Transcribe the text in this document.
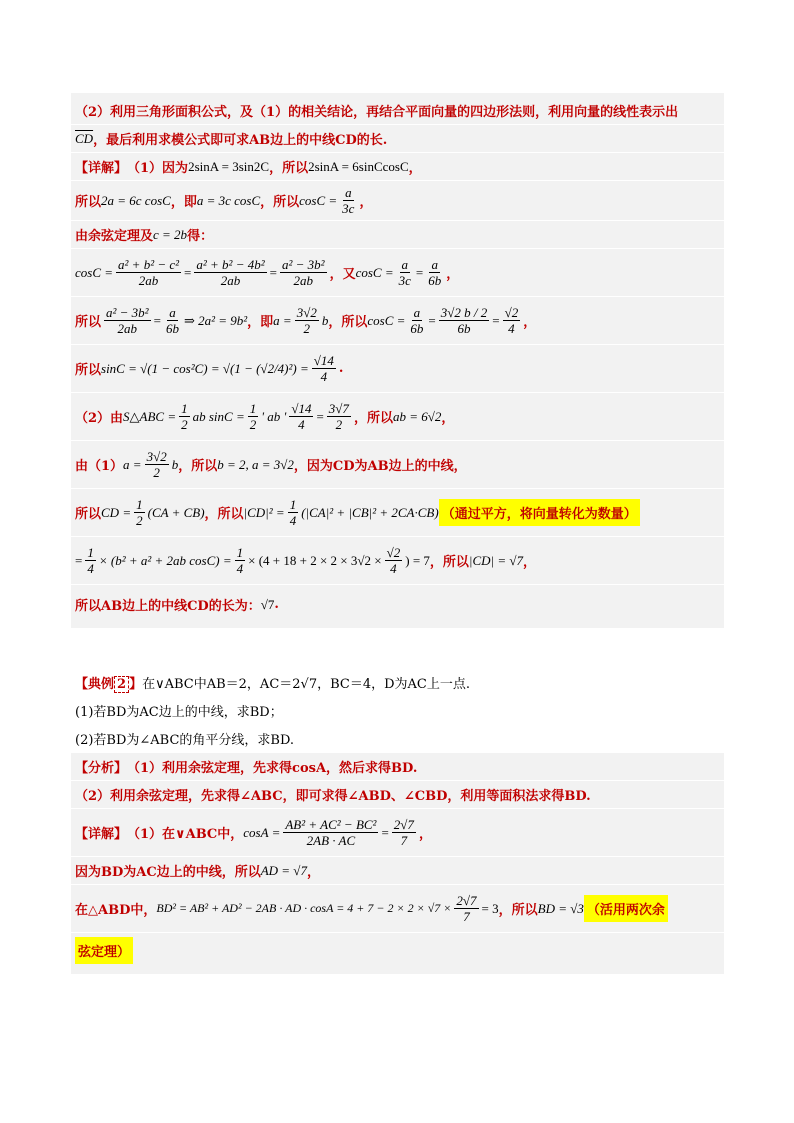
（2）利用三角形面积公式，及（1）的相关结论，再结合平面向量的四边形法则，利用向量的线性表示出
$\overline{CD}$ ，最后利用求模公式即可求AB边上的中线CD的长.
【详解】 （1）因为 2sinA = 3sin2C ，所以 2sinA = 6sinCcosC ，
所以 2a = 6c cosC ，即 a = 3c cosC ，所以 $\cos C = \frac{a}{3c}$ ，
由余弦定理及 c = 2b 得：
$\cos C = \frac{\text{a² + b² − c²}}{2ab} = \frac{\text{a² + b² − 4b²}}{2ab} = \frac{\text{a² − 3b²}}{2ab}$ ，又 $\cos C = \frac{a}{3c} = \frac{a}{6b}$ ，
所以 $\frac{\text{a² − 3b²}}{2ab} = \frac{a}{6b}$ ⇒ 2a² = 9b² ，即 $a = \frac{3√2}{2}$ b ，所以 $\cos C = \frac{a}{6b} = \frac{3√2 b / 2}{6b} = \frac{√2}{4}$ ，
所以 $\sin C = √(1 - \cos^2C) = √(1 - (√2/4)^2) = \frac{√14}{4}$ .
（2）由 S△ABC = $\frac{1}{2}$ ab $\sin C = \frac{1}{2}$ ʹ ab ʹ $\frac{√14}{4} = \frac{3√7}{2}$ ，所以 ab = 6√2 ，
由（1） $a = \frac{3√2}{2}$ b ，所以 b = 2, a = 3√2 ，因为CD为AB边上的中线，
所以 CD = $\frac{1}{2} (CA + CB)$ ，所以 $|CD|^2 = \frac{1}{4} (|CA|^2 + |CB|^2 + 2CA\cdot CB)$ （通过平方，将向量转化为数量）
= $\frac{1}{4} \times (b^2 + a^2 + 2ab$ $\cos C) = \frac{1}{4} \times (4 + 18 + 2 \times 2 \times 3√2 \times \frac{√2}{4}$ ) = 7 ，所以 |CD| = √7 ，
所以AB边上的中线CD的长为： √7 .
【典例 2 】 在∨ABC中AB＝2，AC＝2√7，BC＝4，D为AC上一点.
(1)若BD为AC边上的中线，求BD；
(2)若BD为∠ABC的角平分线，求BD.
【分析】 （1）利用余弦定理，先求得cosA，然后求得BD.
（2）利用余弦定理，先求得∠ABC，即可求得∠ABD、∠CBD，利用等面积法求得BD.
【详解】 （1）在∨ABC中， $\cos A = \frac{\text{AB² + AC² − BC²}}{2AB \cdot AC} = \frac{2√7}{7}$ ，
因为BD为AC边上的中线，所以 AD = √7 ，
在△ABD中， BD² = AB² + AD² − 2AB · AD · $\cos A = 4 + 7 - 2 \times 2 \times √7 \times \frac{2√7}{7} = 3$ ，所以 BD = √3 （活用两次余
弦定理）
